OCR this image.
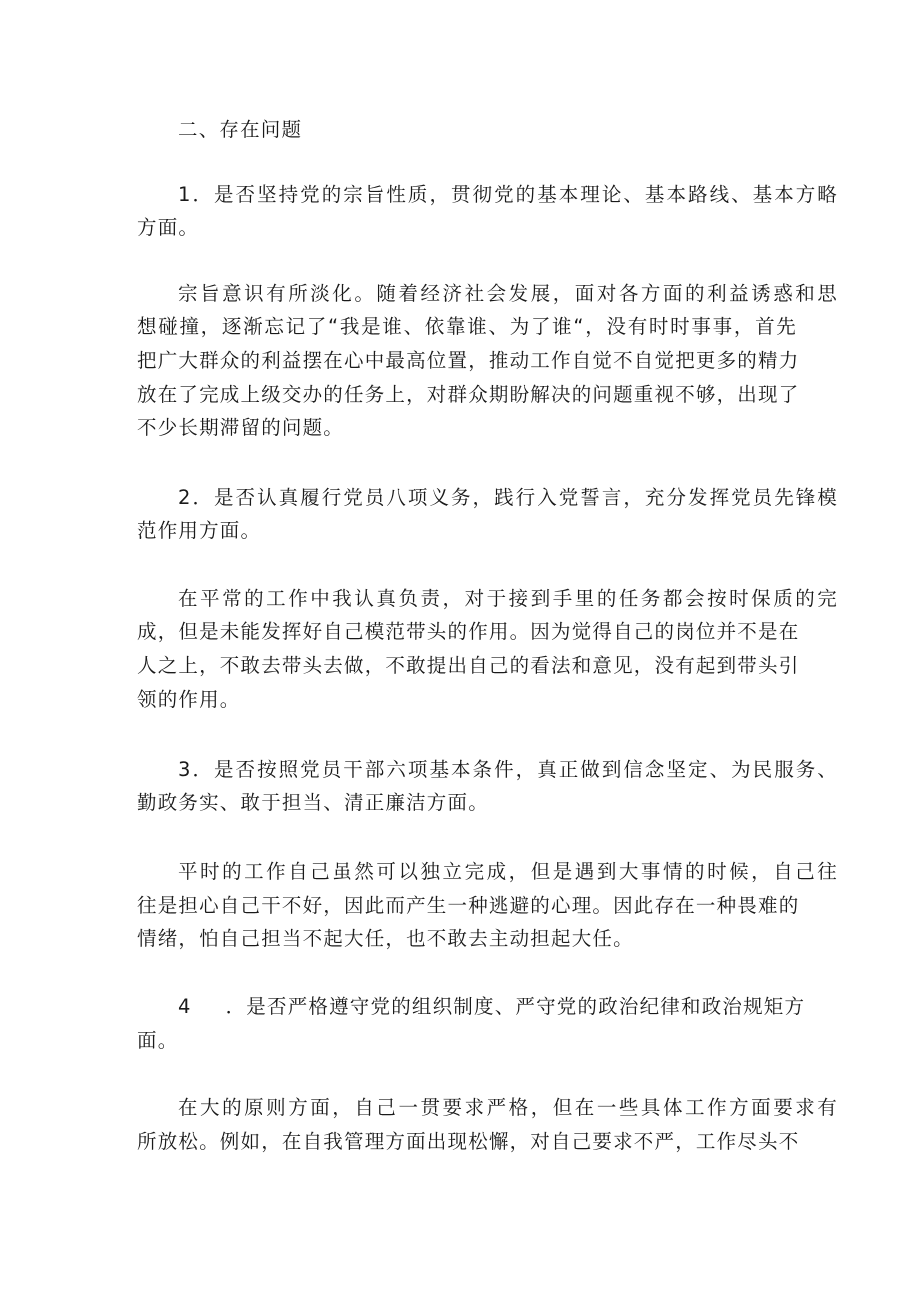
二、存在问题
1．是否坚持党的宗旨性质，贯彻党的基本理论、基本路线、基本方略
方面。
宗旨意识有所淡化。随着经济社会发展，面对各方面的利益诱惑和思
想碰撞，逐渐忘记了“我是谁、依靠谁、为了谁“，没有时时事事，首先
把广大群众的利益摆在心中最高位置，推动工作自觉不自觉把更多的精力
放在了完成上级交办的任务上，对群众期盼解决的问题重视不够，出现了
不少长期滞留的问题。
2．是否认真履行党员八项义务，践行入党誓言，充分发挥党员先锋模
范作用方面。
在平常的工作中我认真负责，对于接到手里的任务都会按时保质的完
成，但是未能发挥好自己模范带头的作用。因为觉得自己的岗位并不是在
人之上，不敢去带头去做，不敢提出自己的看法和意见，没有起到带头引
领的作用。
3．是否按照党员干部六项基本条件，真正做到信念坚定、为民服务、
勤政务实、敢于担当、清正廉洁方面。
平时的工作自己虽然可以独立完成，但是遇到大事情的时候，自己往
往是担心自己干不好，因此而产生一种逃避的心理。因此存在一种畏难的
情绪，怕自己担当不起大任，也不敢去主动担起大任。
4 ．是否严格遵守党的组织制度、严守党的政治纪律和政治规矩方
面。
在大的原则方面，自己一贯要求严格，但在一些具体工作方面要求有
所放松。例如，在自我管理方面出现松懈，对自己要求不严，工作尽头不
